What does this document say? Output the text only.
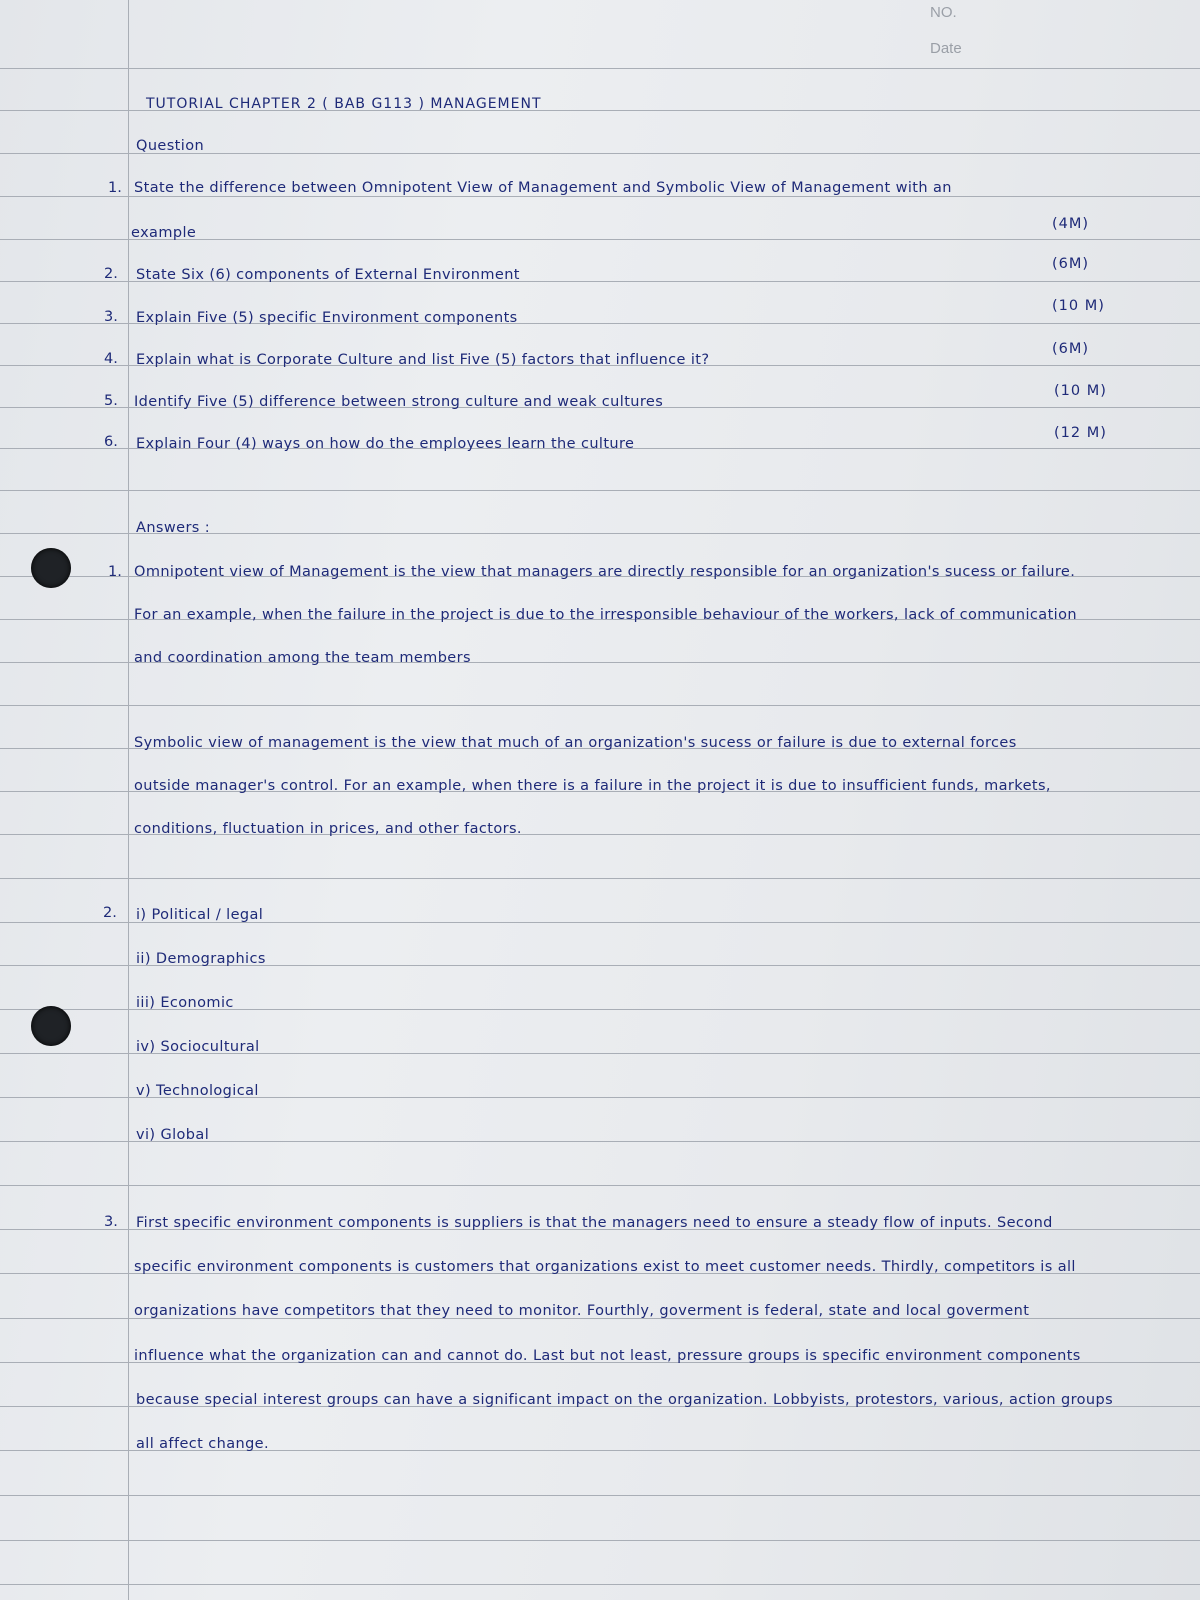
NO.
Date
TUTORIAL CHAPTER 2 ( BAB G113 ) MANAGEMENT
Question
1. State the difference between Omnipotent View of Management and Symbolic View of Management with an
(4M)
example
2. State Six (6) components of External Environment
(6M)
3. Explain Five (5) specific Environment components
(10 M)
4. Explain what is Corporate Culture and list Five (5) factors that influence it?
(6M)
5. Identify Five (5) difference between strong culture and weak cultures
(10 M)
6. Explain Four (4) ways on how do the employees learn the culture
(12 M)
Answers :
1. Omnipotent view of Management is the view that managers are directly responsible for an organization's sucess or failure.
For an example, when the failure in the project is due to the irresponsible behaviour of the workers, lack of communication
and coordination among the team members
Symbolic view of management is the view that much of an organization's sucess or failure is due to external forces
outside manager's control. For an example, when there is a failure in the project it is due to insufficient funds, markets,
conditions, fluctuation in prices, and other factors.
2. i) Political / legal
ii) Demographics
iii) Economic
iv) Sociocultural
v) Technological
vi) Global
3. First specific environment components is suppliers is that the managers need to ensure a steady flow of inputs. Second
specific environment components is customers that organizations exist to meet customer needs. Thirdly, competitors is all
organizations have competitors that they need to monitor. Fourthly, goverment is federal, state and local goverment
influence what the organization can and cannot do. Last but not least, pressure groups is specific environment components
because special interest groups can have a significant impact on the organization. Lobbyists, protestors, various, action groups
all affect change.
